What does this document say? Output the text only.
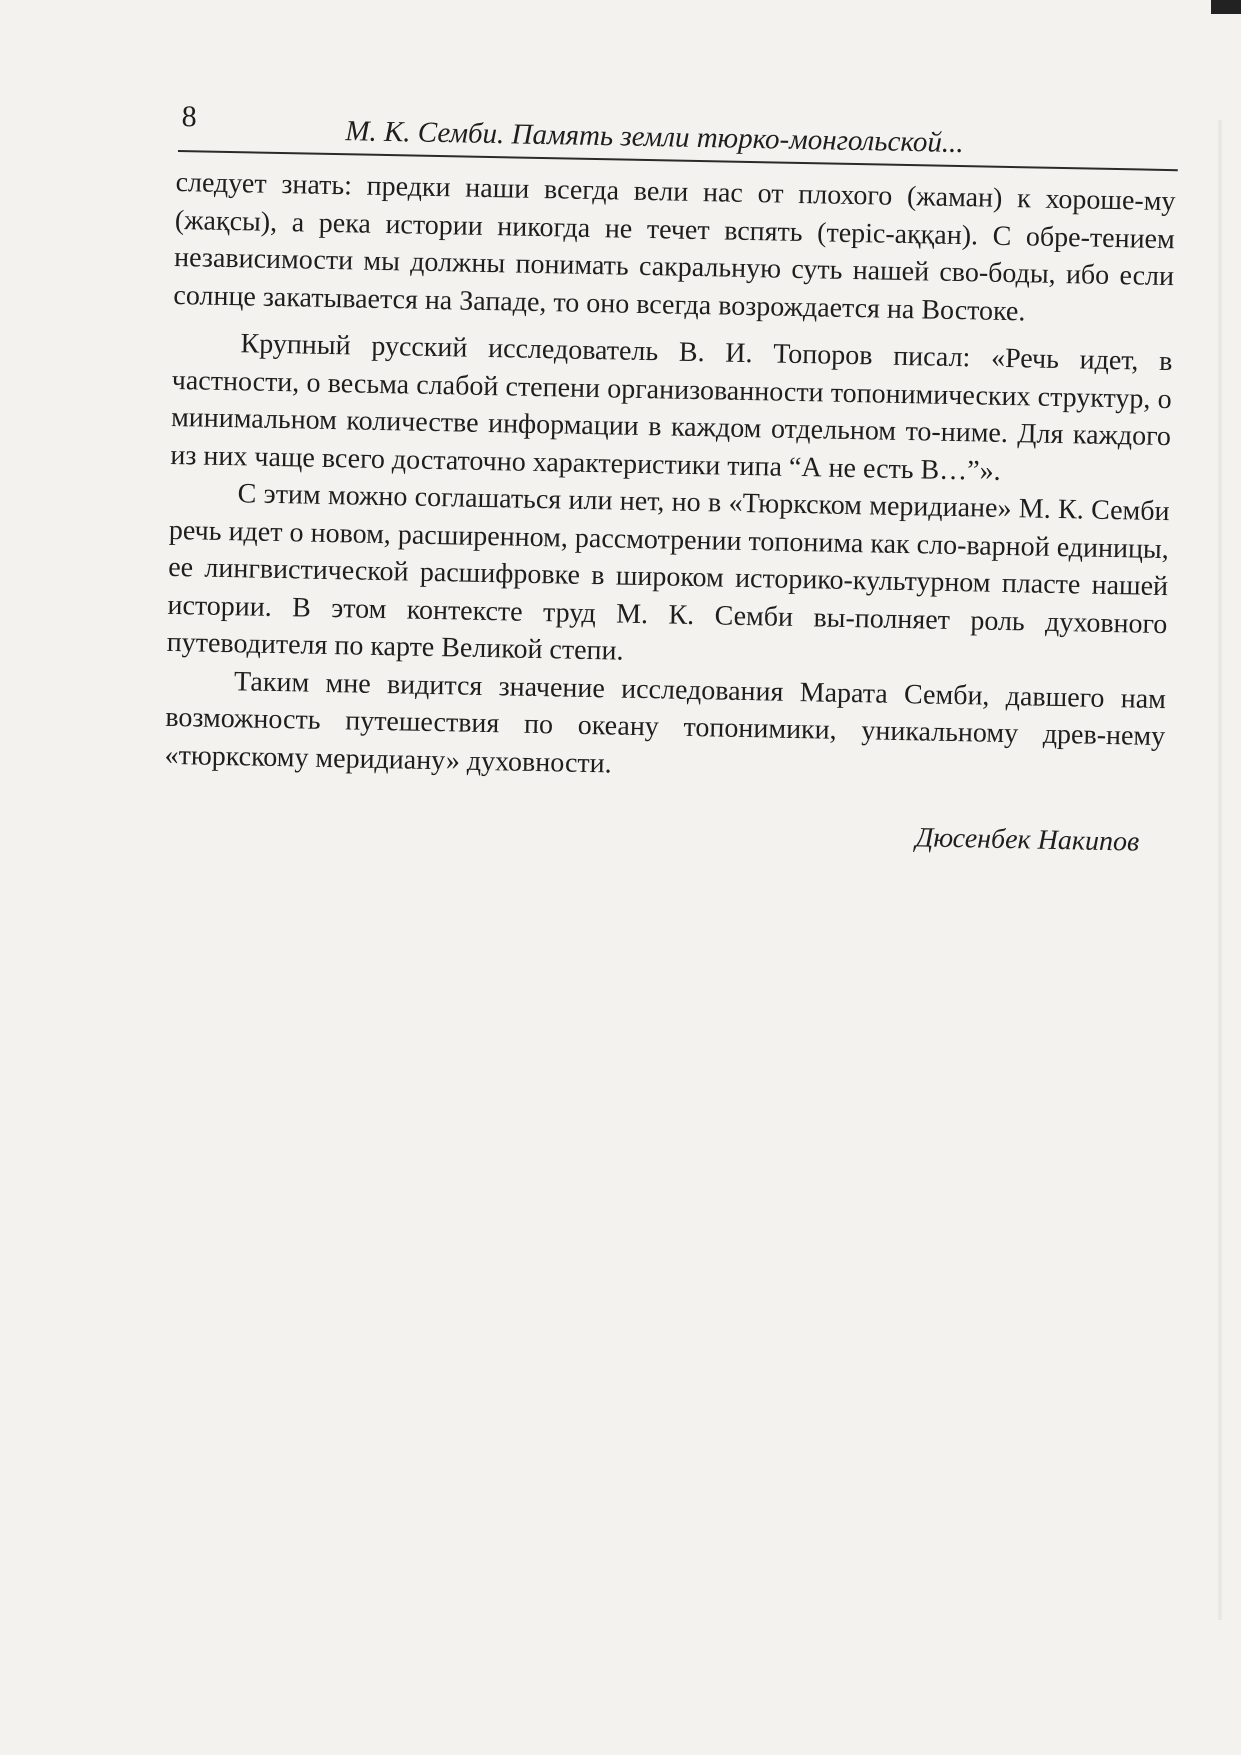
8	М. К. Семби. Память земли тюрко-монгольской...

следует знать: предки наши всегда вели нас от плохого (жаман) к хороше-му (жақсы), а река истории никогда не течет вспять (теріс-аққан). С обре-тением независимости мы должны понимать сакральную суть нашей сво-боды, ибо если солнце закатывается на Западе, то оно всегда возрождается на Востоке.

Крупный русский исследователь В. И. Топоров писал: «Речь идет, в частности, о весьма слабой степени организованности топонимических структур, о минимальном количестве информации в каждом отдельном то-ниме. Для каждого из них чаще всего достаточно характеристики типа “А не есть В…”».

С этим можно соглашаться или нет, но в «Тюркском меридиане» М. К. Семби речь идет о новом, расширенном, рассмотрении топонима как сло-варной единицы, ее лингвистической расшифровке в широком историко-культурном пласте нашей истории. В этом контексте труд М. К. Семби вы-полняет роль духовного путеводителя по карте Великой степи.

Таким мне видится значение исследования Марата Семби, давшего нам возможность путешествия по океану топонимики, уникальному древ-нему «тюркскому меридиану» духовности.

Дюсенбек Накипов
